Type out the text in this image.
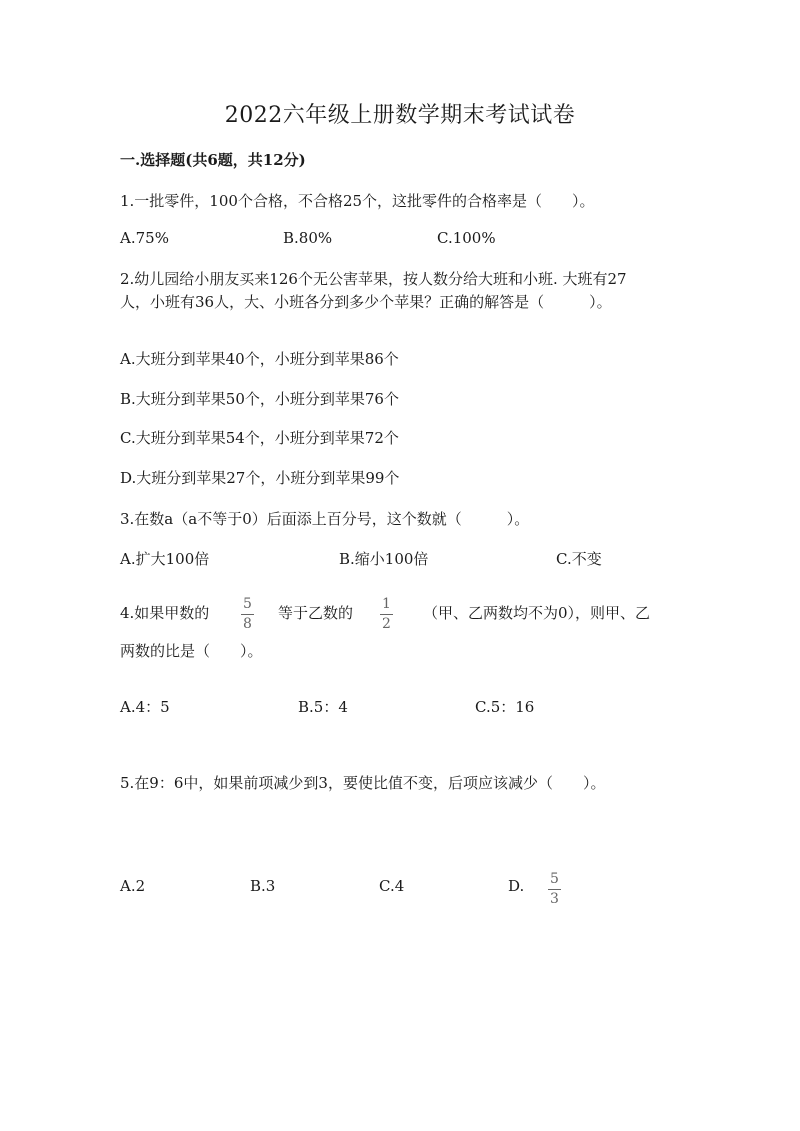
2022六年级上册数学期末考试试卷
一.选择题(共6题，共12分)
1.一批零件，100个合格，不合格25个，这批零件的合格率是（　　）。
A.75%	B.80%	C.100%
2.幼儿园给小朋友买来126个无公害苹果，按人数分给大班和小班. 大班有27
人，小班有36人，大、小班各分到多少个苹果？正确的解答是（　　　）。
A.大班分到苹果40个，小班分到苹果86个
B.大班分到苹果50个，小班分到苹果76个
C.大班分到苹果54个，小班分到苹果72个
D.大班分到苹果27个，小班分到苹果99个
3.在数a（a不等于0）后面添上百分号，这个数就（　　　）。
A.扩大100倍	B.缩小100倍	C.不变
4.如果甲数的 5
8
等于乙数的 1
2
（甲、乙两数均不为0），则甲、乙
两数的比是（　　）。
A.4：5	B.5：4	C.5：16
5.在9：6中，如果前项减少到3，要使比值不变，后项应该减少（　　）。
A.2	B.3	C.4	D. 5
3
